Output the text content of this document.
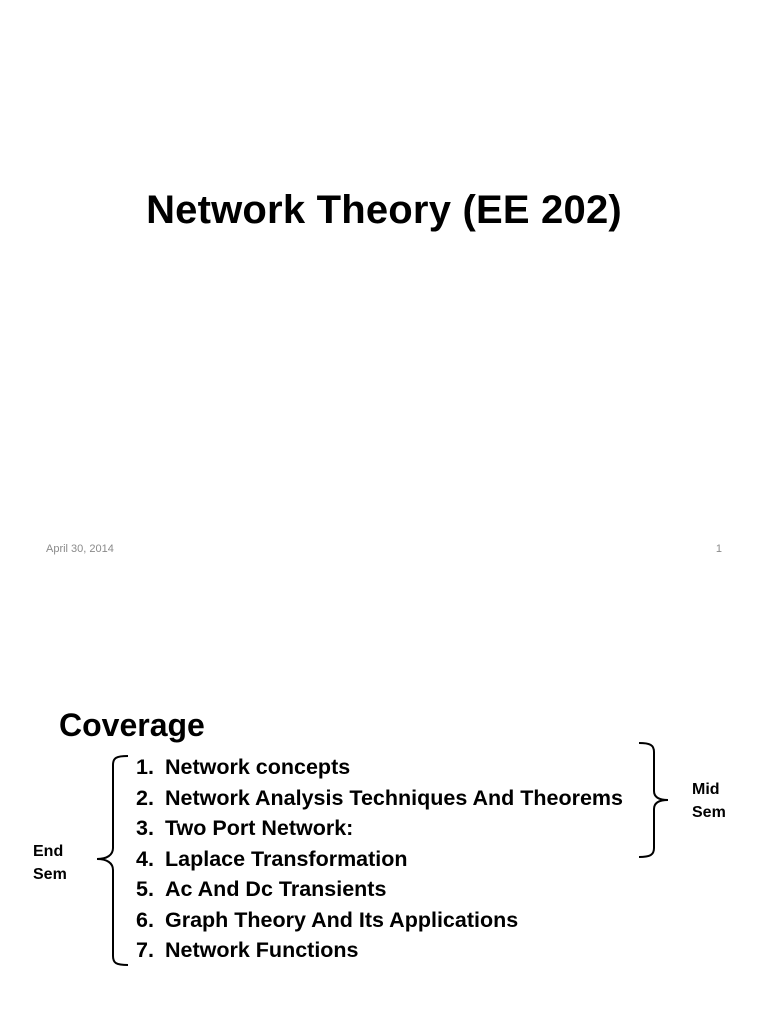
Network Theory (EE 202)
April 30, 2014	1
Coverage
1. Network concepts
2. Network Analysis Techniques And Theorems
3. Two Port Network:
4. Laplace Transformation
5. Ac And Dc Transients
6. Graph Theory And Its Applications
7. Network Functions
End
Sem
Mid
Sem
